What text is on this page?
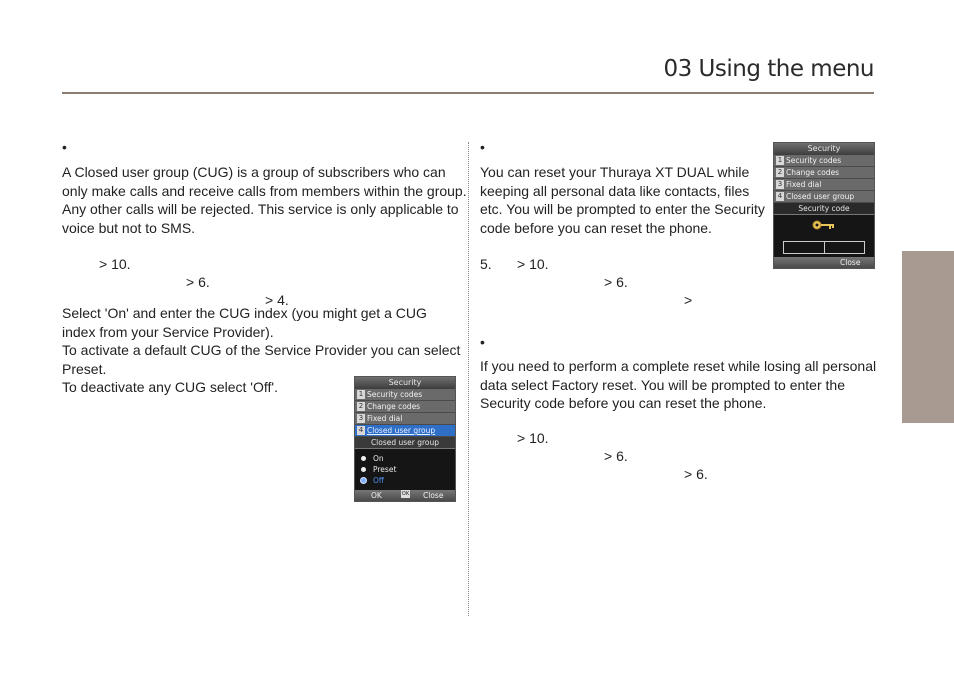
03 Using the menu
•
A Closed user group (CUG) is a group of subscribers who can
only make calls and receive calls from members within the group.
Any other calls will be rejected. This service is only applicable to
voice but not to SMS.

> 10.

> 6.

> 4.

Select 'On' and enter the CUG index (you might get a CUG
index from your Service Provider).
To activate a default CUG of the Service Provider you can select
Preset.
To deactivate any CUG select 'Off'.	Security
1 Security codes
2 Change codes
3 Fixed dial
4 Closed user group
Closed user group
On
Preset
Off
OK	OK Close
•
You can reset your Thuraya XT DUAL while
keeping all personal data like contacts, files
etc. You will be prompted to enter the Security
code before you can reset the phone.

> 10.

> 6.

>

5.
Security
1 Security codes
2 Change codes
3 Fixed dial
4 Closed user group
Security code
Close
•
If you need to perform a complete reset while losing all personal
data select Factory reset. You will be prompted to enter the
Security code before you can reset the phone.

> 10.

> 6.

> 6.
